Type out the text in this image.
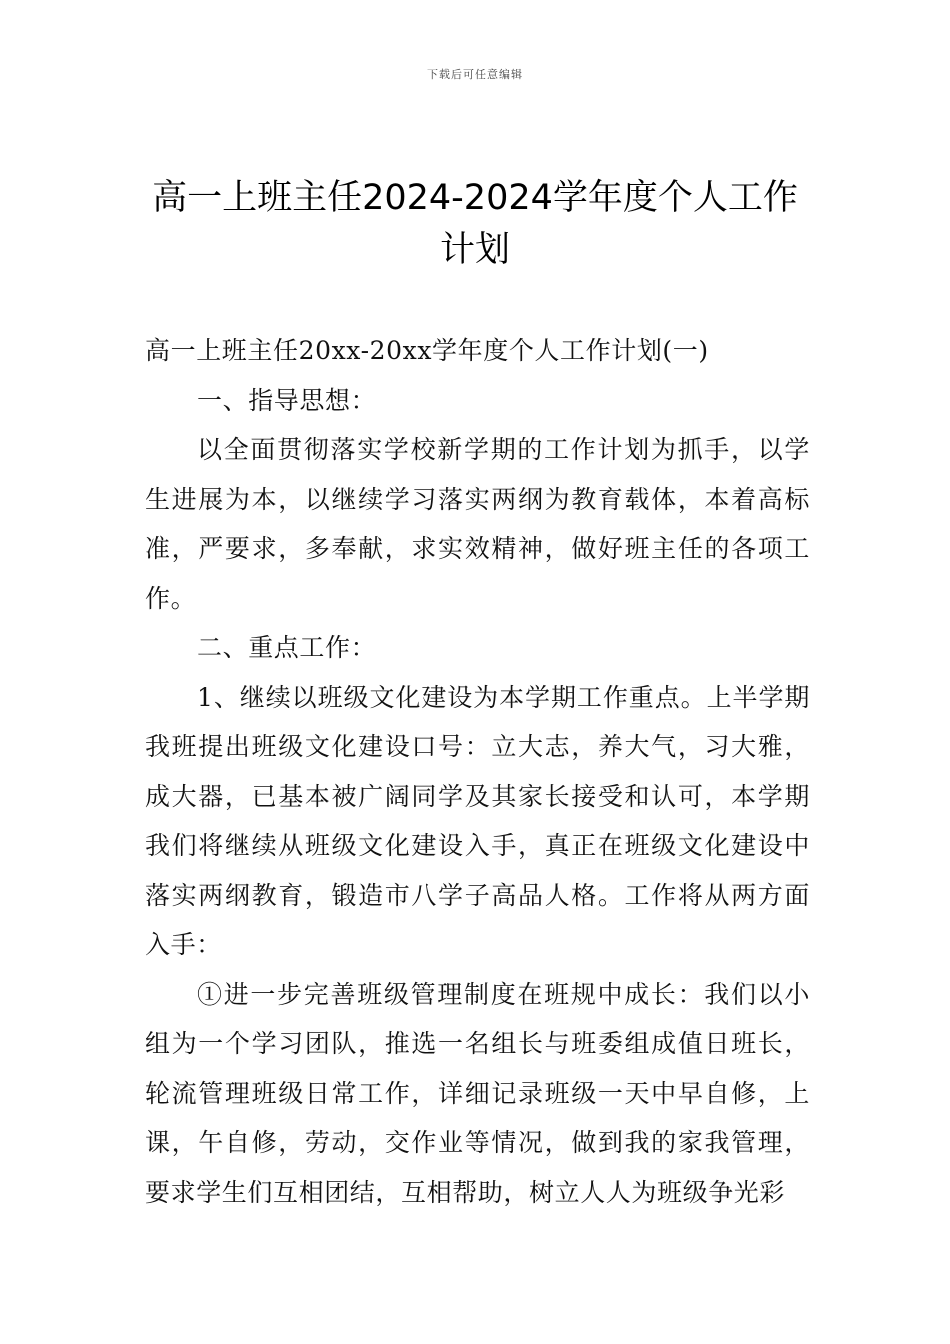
下载后可任意编辑
高一上班主任2024-2024学年度个人工作
计划

高一上班主任20xx-20xx学年度个人工作计划(一)

一、指导思想：

以全面贯彻落实学校新学期的工作计划为抓手，以学生进展为本，以继续学习落实两纲为教育载体，本着高标准，严要求，多奉献，求实效精神，做好班主任的各项工作。

二、重点工作：

1、继续以班级文化建设为本学期工作重点。上半学期我班提出班级文化建设口号：立大志，养大气，习大雅，成大器，已基本被广阔同学及其家长接受和认可，本学期我们将继续从班级文化建设入手，真正在班级文化建设中落实两纲教育，锻造市八学子高品人格。工作将从两方面入手：

①进一步完善班级管理制度在班规中成长：我们以小组为一个学习团队，推选一名组长与班委组成值日班长，轮流管理班级日常工作，详细记录班级一天中早自修，上课，午自修，劳动，交作业等情况，做到我的家我管理，要求学生们互相团结，互相帮助，树立人人为班级争光彩
